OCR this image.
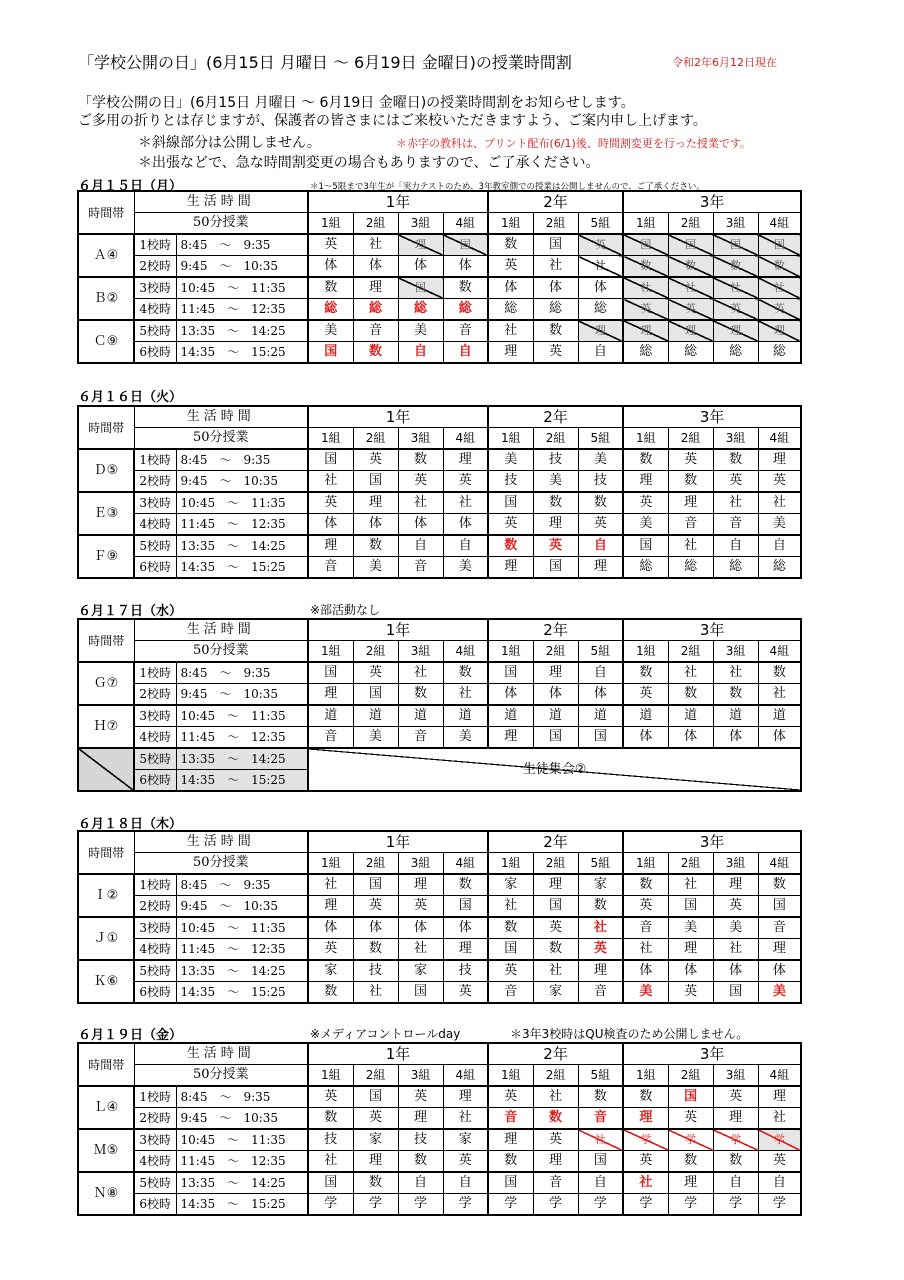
「学校公開の日」(6月15日 月曜日 ～ 6月19日 金曜日)の授業時間割	令和2年6月12日現在
「学校公開の日」(6月15日 月曜日 ～ 6月19日 金曜日)の授業時間割をお知らせします。
ご多用の折りとは存じますが、保護者の皆さまにはご来校いただきますよう、ご案内申し上げます。
＊斜線部分は公開しません。	＊赤字の教科は、プリント配布(6/1)後、時間割変更を行った授業です。
＊出張などで、急な時間割変更の場合もありますので、ご了承ください。
６月１５日（月）	＊1～5限まで3年生が「実力テストのため、3年教室側での授業は公開しませんので、ご了承ください。
時間帯	生活時間		1年				2年			3年			
	50分授業		1組	2組	3組	4組	1組	2組	5組	1組	2組	3組	4組
Ａ④	1校時	8:45　～　9:35	英	社	理	国	数	国	英	国	国	国	国
	2校時	9:45　～　10:35	体	体	体	体	英	社	社	数	数	数	数
Ｂ②	3校時	10:45　～　11:35	数	理	国	数	体	体	体	社	社	社	社
	4校時	11:45　～　12:35	総	総	総	総	総	総	総	英	英	英	英
Ｃ⑨	5校時	13:35　～　14:25	美	音	美	音	社	数	理	理	理	理	理
	6校時	14:35　～　15:25	国	数	自	自	理	英	自	総	総	総	総
６月１６日（火）
時間帯	生活時間		1年				2年			3年			
	50分授業		1組	2組	3組	4組	1組	2組	5組	1組	2組	3組	4組
Ｄ⑤	1校時	8:45　～　9:35	国	英	数	理	美	技	美	数	英	数	理
	2校時	9:45　～　10:35	社	国	英	英	技	美	技	理	数	英	英
Ｅ③	3校時	10:45　～　11:35	英	理	社	社	国	数	数	英	理	社	社
	4校時	11:45　～　12:35	体	体	体	体	英	理	英	美	音	音	美
Ｆ⑨	5校時	13:35　～　14:25	理	数	自	自	数	英	自	国	社	自	自
	6校時	14:35　～　15:25	音	美	音	美	理	国	理	総	総	総	総
６月１７日（水）	※部活動なし
時間帯	生活時間		1年				2年			3年			
	50分授業		1組	2組	3組	4組	1組	2組	5組	1組	2組	3組	4組
Ｇ⑦	1校時	8:45　～　9:35	国	英	社	数	国	理	自	数	社	社	数
	2校時	9:45　～　10:35	理	国	数	社	体	体	体	英	数	数	社
Ｈ⑦	3校時	10:45　～　11:35	道	道	道	道	道	道	道	道	道	道	道
	4校時	11:45　～　12:35	音	美	音	美	理	国	国	体	体	体	体
	5校時	13:35　～　14:25	生徒集会②										
	6校時	14:35　～　15:25											
６月１８日（木）
時間帯	生活時間		1年				2年			3年			
	50分授業		1組	2組	3組	4組	1組	2組	5組	1組	2組	3組	4組
Ｉ②	1校時	8:45　～　9:35	社	国	理	数	家	理	家	数	社	理	数
	2校時	9:45　～　10:35	理	英	英	国	社	国	数	英	国	英	国
Ｊ①	3校時	10:45　～　11:35	体	体	体	体	数	英	社	音	美	美	音
	4校時	11:45　～　12:35	英	数	社	理	国	数	英	社	理	社	理
Ｋ⑥	5校時	13:35　～　14:25	家	技	家	技	英	社	理	体	体	体	体
	6校時	14:35　～　15:25	数	社	国	英	音	家	音	美	英	国	美
６月１９日（金）	※メディアコントロールday	＊3年3校時はQU検査のため公開しません。
時間帯	生活時間		1年				2年			3年			
	50分授業		1組	2組	3組	4組	1組	2組	5組	1組	2組	3組	4組
Ｌ④	1校時	8:45　～　9:35	英	国	英	理	英	社	数	数	国	英	理
	2校時	9:45　～　10:35	数	英	理	社	音	数	音	理	英	理	社
Ｍ⑤	3校時	10:45　～　11:35	技	家	技	家	理	英	社	学	学	学	学
	4校時	11:45　～　12:35	社	理	数	英	数	理	国	英	数	数	英
Ｎ⑧	5校時	13:35　～　14:25	国	数	自	自	国	音	自	社	理	自	自
	6校時	14:35　～　15:25	学	学	学	学	学	学	学	学	学	学	学
